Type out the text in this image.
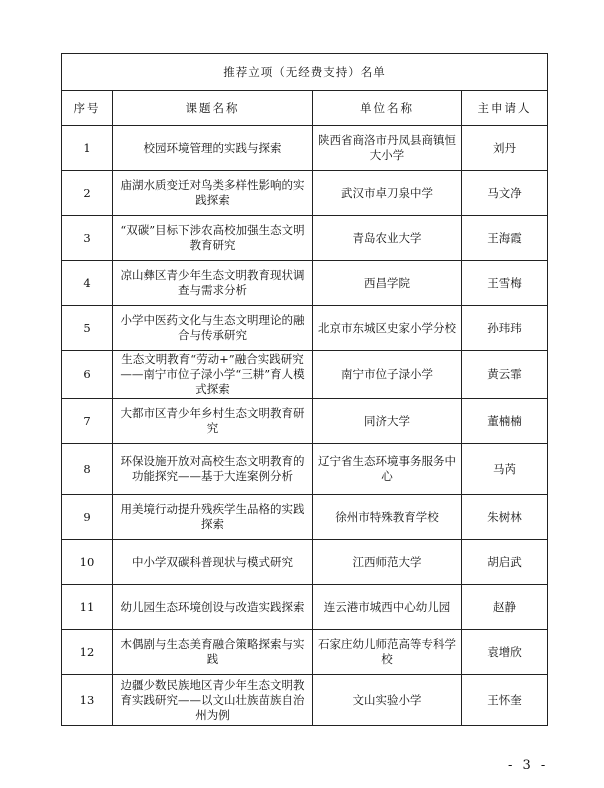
推荐立项（无经费支持）名单			
序号	课题名称	单位名称	主申请人
1	校园环境管理的实践与探索	陕西省商洛市丹凤县商镇恒大小学	刘丹
2	庙湖水质变迁对鸟类多样性影响的实践探索	武汉市卓刀泉中学	马文净
3	“双碳”目标下涉农高校加强生态文明教育研究	青岛农业大学	王海霞
4	凉山彝区青少年生态文明教育现状调查与需求分析	西昌学院	王雪梅
5	小学中医药文化与生态文明理论的融合与传承研究	北京市东城区史家小学分校	孙玮玮
6	生态文明教育“劳动+”融合实践研究——南宁市位子渌小学“三耕”育人模式探索	南宁市位子渌小学	黄云霏
7	大都市区青少年乡村生态文明教育研究	同济大学	董楠楠
8	环保设施开放对高校生态文明教育的功能探究——基于大连案例分析	辽宁省生态环境事务服务中心	马芮
9	用美境行动提升残疾学生品格的实践探索	徐州市特殊教育学校	朱树林
10	中小学双碳科普现状与模式研究	江西师范大学	胡启武
11	幼儿园生态环境创设与改造实践探索	连云港市城西中心幼儿园	赵静
12	木偶剧与生态美育融合策略探索与实践	石家庄幼儿师范高等专科学校	袁增欣
13	边疆少数民族地区青少年生态文明教育实践研究——以文山壮族苗族自治州为例	文山实验小学	王怀奎
- 3 -
